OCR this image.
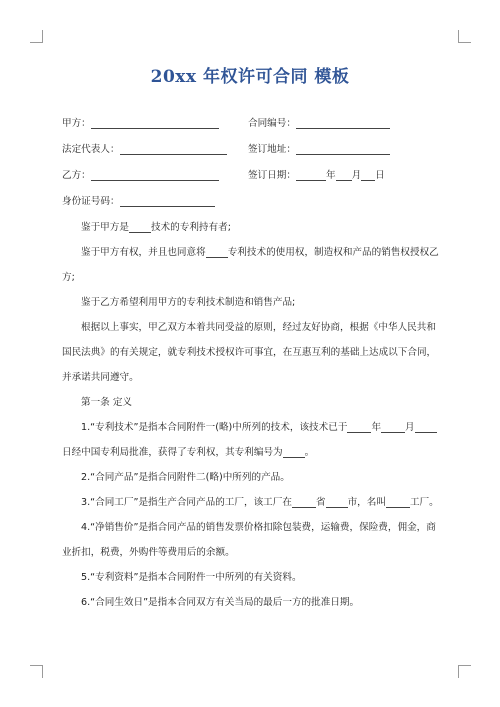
20xx 年权许可合同 模板
甲方：	合同编号：
法定代表人：	签订地址：
乙方：	签订日期：	年 月 日
身份证号码：

鉴于甲方是 技术的专利持有者;

鉴于甲方有权，并且也同意将 专利技术的使用权，制造权和产品的销售权授权乙方;

鉴于乙方希望利用甲方的专利技术制造和销售产品;

根据以上事实，甲乙双方本着共同受益的原则，经过友好协商，根据《中华人民共和国民法典》的有关规定，就专利技术授权许可事宜，在互惠互利的基础上达成以下合同，并承诺共同遵守。

第一条 定义

1.“专利技术”是指本合同附件一(略)中所列的技术，该技术已于	年	月日经中国专利局批准，获得了专利权，其专利编号为 。

2.“合同产品”是指合同附件二(略)中所列的产品。

3.“合同工厂”是指生产合同产品的工厂，该工厂在	省 市，名叫	工厂。

4.“净销售价”是指合同产品的销售发票价格扣除包装费，运输费，保险费，佣金，商业折扣，税费，外购件等费用后的余额。

5.“专利资料”是指本合同附件一中所列的有关资料。

6.“合同生效日”是指本合同双方有关当局的最后一方的批准日期。
